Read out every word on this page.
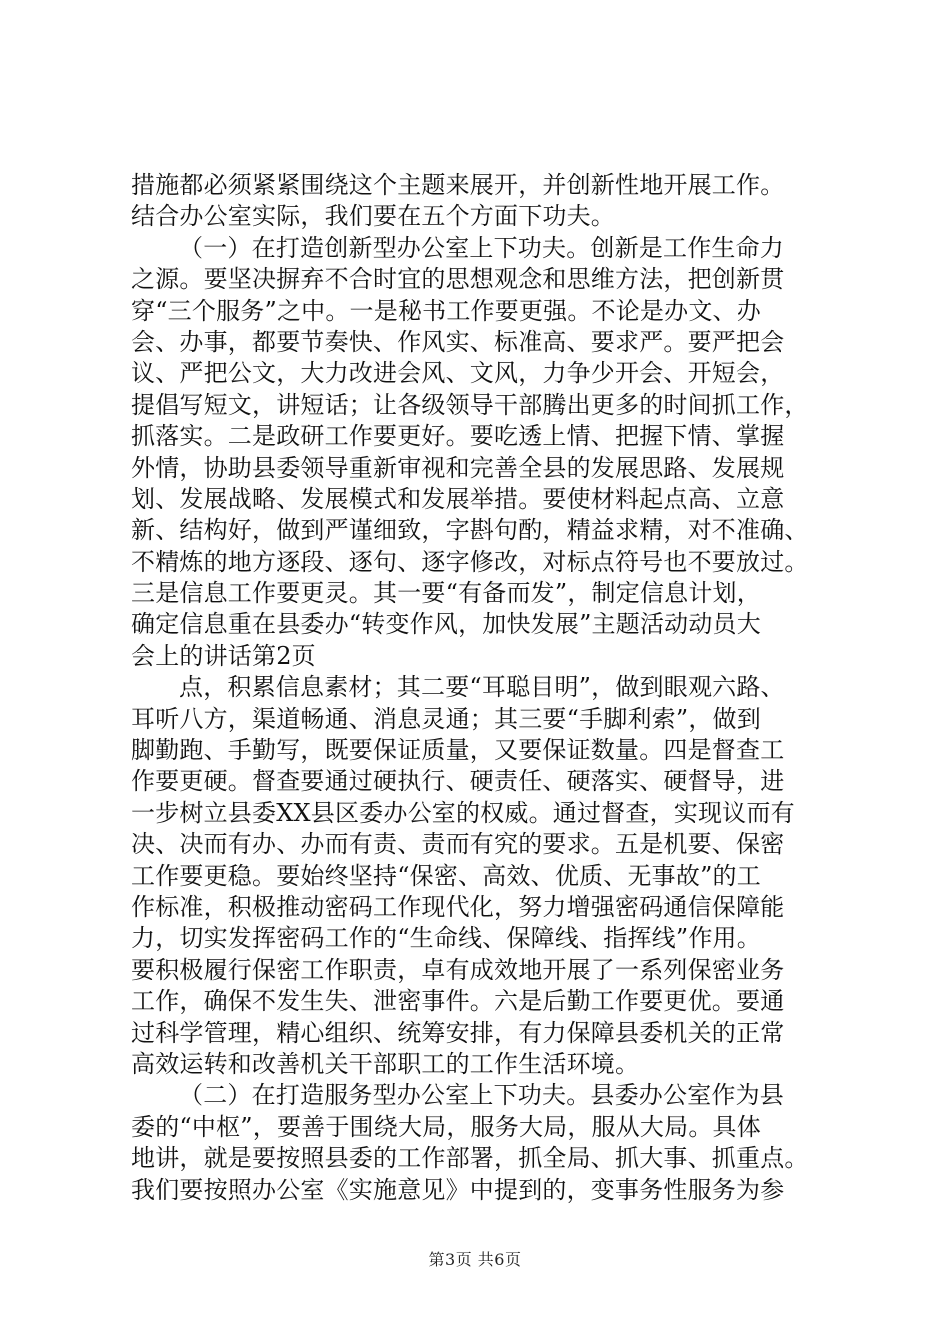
措施都必须紧紧围绕这个主题来展开，并创新性地开展工作。
结合办公室实际，我们要在五个方面下功夫。
（一）在打造创新型办公室上下功夫。创新是工作生命力
之源。要坚决摒弃不合时宜的思想观念和思维方法，把创新贯
穿“三个服务”之中。一是秘书工作要更强。不论是办文、办
会、办事，都要节奏快、作风实、标准高、要求严。要严把会
议、严把公文，大力改进会风、文风，力争少开会、开短会，
提倡写短文，讲短话；让各级领导干部腾出更多的时间抓工作，
抓落实。二是政研工作要更好。要吃透上情、把握下情、掌握
外情，协助县委领导重新审视和完善全县的发展思路、发展规
划、发展战略、发展模式和发展举措。要使材料起点高、立意
新、结构好，做到严谨细致，字斟句酌，精益求精，对不准确、
不精炼的地方逐段、逐句、逐字修改，对标点符号也不要放过。
三是信息工作要更灵。其一要“有备而发”，制定信息计划，
确定信息重在县委办“转变作风，加快发展”主题活动动员大
会上的讲话第2页
点，积累信息素材；其二要“耳聪目明”，做到眼观六路、
耳听八方，渠道畅通、消息灵通；其三要“手脚利索”，做到
脚勤跑、手勤写，既要保证质量，又要保证数量。四是督查工
作要更硬。督查要通过硬执行、硬责任、硬落实、硬督导，进
一步树立县委XX县区委办公室的权威。通过督查，实现议而有
决、决而有办、办而有责、责而有究的要求。五是机要、保密
工作要更稳。要始终坚持“保密、高效、优质、无事故”的工
作标准，积极推动密码工作现代化，努力增强密码通信保障能
力，切实发挥密码工作的“生命线、保障线、指挥线”作用。
要积极履行保密工作职责，卓有成效地开展了一系列保密业务
工作，确保不发生失、泄密事件。六是后勤工作要更优。要通
过科学管理，精心组织、统筹安排，有力保障县委机关的正常
高效运转和改善机关干部职工的工作生活环境。
（二）在打造服务型办公室上下功夫。县委办公室作为县
委的“中枢”，要善于围绕大局，服务大局，服从大局。具体
地讲，就是要按照县委的工作部署，抓全局、抓大事、抓重点。
我们要按照办公室《实施意见》中提到的，变事务性服务为参
第3页 共6页
